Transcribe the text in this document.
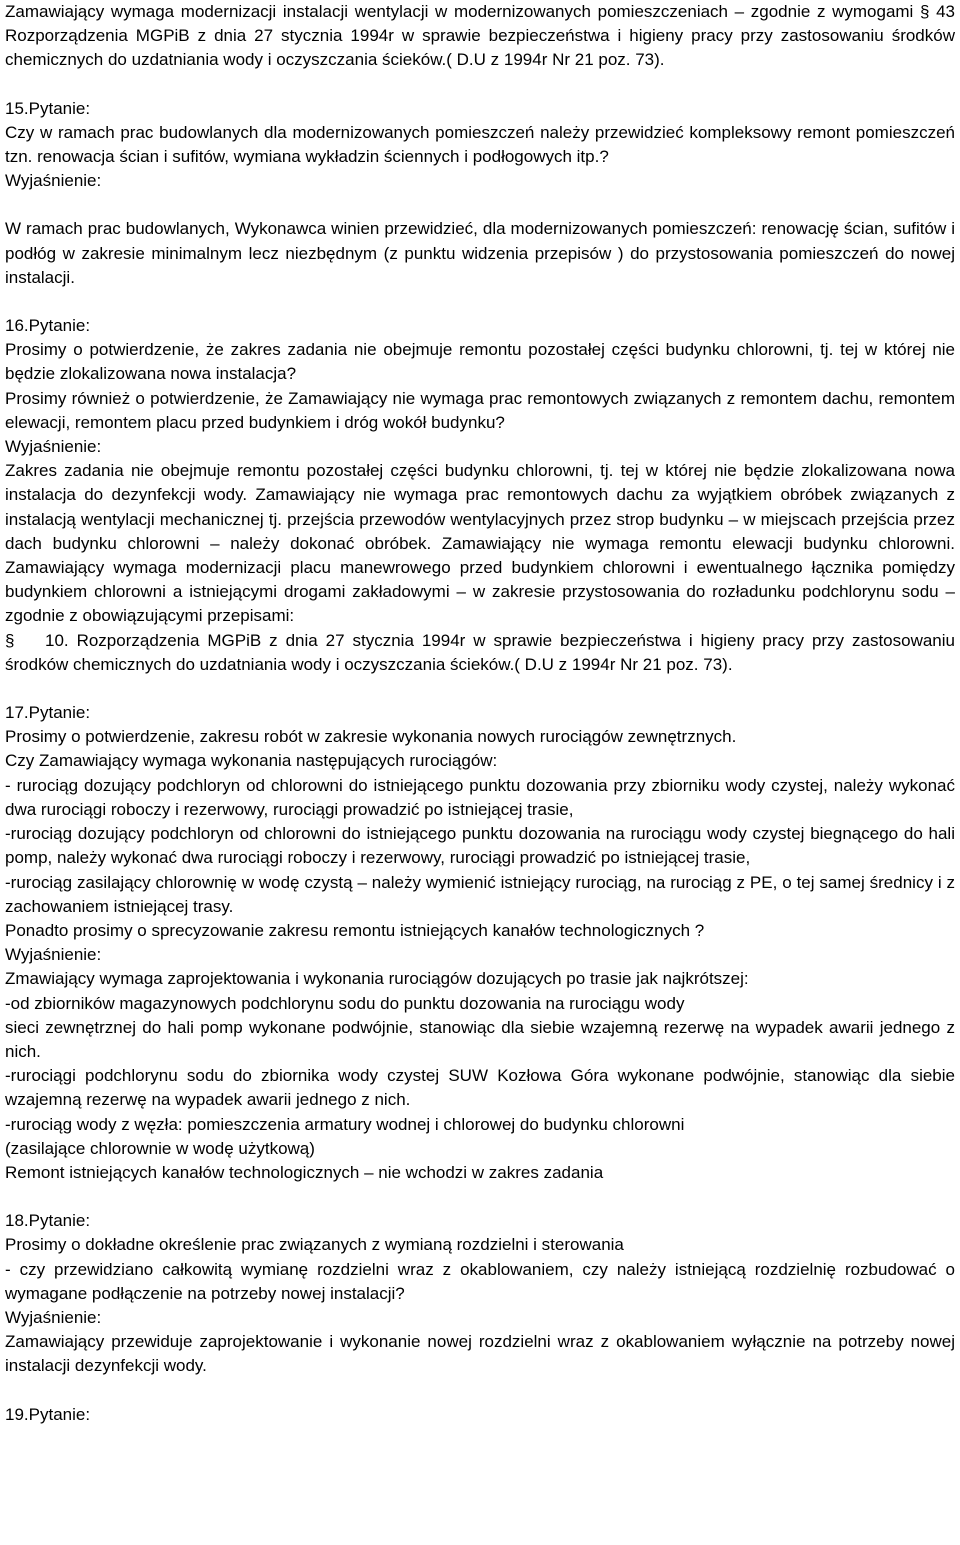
Zamawiający wymaga modernizacji instalacji wentylacji w modernizowanych pomieszczeniach – zgodnie z wymogami § 43 Rozporządzenia MGPiB z dnia 27 stycznia 1994r w sprawie bezpieczeństwa i higieny pracy przy zastosowaniu środków chemicznych do uzdatniania wody i oczyszczania ścieków.( D.U z 1994r Nr 21 poz. 73).

15.Pytanie:

Czy w ramach prac budowlanych dla modernizowanych pomieszczeń należy przewidzieć kompleksowy remont pomieszczeń tzn. renowacja ścian i sufitów, wymiana wykładzin ściennych i podłogowych itp.?

Wyjaśnienie:

W ramach prac budowlanych, Wykonawca winien przewidzieć, dla modernizowanych pomieszczeń: renowację ścian, sufitów i podłóg w zakresie minimalnym lecz niezbędnym (z punktu widzenia przepisów ) do przystosowania pomieszczeń do nowej instalacji.

16.Pytanie:

Prosimy o potwierdzenie, że zakres zadania nie obejmuje remontu pozostałej części budynku chlorowni, tj. tej w której nie będzie zlokalizowana nowa instalacja?

Prosimy również o potwierdzenie, że Zamawiający nie wymaga prac remontowych związanych z remontem dachu, remontem elewacji, remontem placu przed budynkiem i dróg wokół budynku?

Wyjaśnienie:

Zakres zadania nie obejmuje remontu pozostałej części budynku chlorowni, tj. tej w której nie będzie zlokalizowana nowa instalacja do dezynfekcji wody. Zamawiający nie wymaga prac remontowych dachu za wyjątkiem obróbek związanych z instalacją wentylacji mechanicznej tj. przejścia przewodów wentylacyjnych przez strop budynku – w miejscach przejścia przez dach budynku chlorowni – należy dokonać obróbek. Zamawiający nie wymaga remontu elewacji budynku chlorowni. Zamawiający wymaga modernizacji placu manewrowego przed budynkiem chlorowni i ewentualnego łącznika pomiędzy budynkiem chlorowni a istniejącymi drogami zakładowymi – w zakresie przystosowania do rozładunku podchlorynu sodu – zgodnie z obowiązującymi przepisami:

§ 10. Rozporządzenia MGPiB z dnia 27 stycznia 1994r w sprawie bezpieczeństwa i higieny pracy przy zastosowaniu środków chemicznych do uzdatniania wody i oczyszczania ścieków.( D.U z 1994r Nr 21 poz. 73).

17.Pytanie:

Prosimy o potwierdzenie, zakresu robót w zakresie wykonania nowych rurociągów zewnętrznych.

Czy Zamawiający wymaga wykonania następujących rurociągów:

- rurociąg dozujący podchloryn od chlorowni do istniejącego punktu dozowania przy zbiorniku wody czystej, należy wykonać dwa rurociągi roboczy i rezerwowy, rurociągi prowadzić po istniejącej trasie,

-rurociąg dozujący podchloryn od chlorowni do istniejącego punktu dozowania na rurociągu wody czystej biegnącego do hali pomp, należy wykonać dwa rurociągi roboczy i rezerwowy, rurociągi prowadzić po istniejącej trasie,

-rurociąg zasilający chlorownię w wodę czystą – należy wymienić istniejący rurociąg, na rurociąg z PE, o tej samej średnicy i z zachowaniem istniejącej trasy.

Ponadto prosimy o sprecyzowanie zakresu remontu istniejących kanałów technologicznych ?

Wyjaśnienie:

Zmawiający wymaga zaprojektowania i wykonania rurociągów dozujących po trasie jak najkrótszej:

-od zbiorników magazynowych podchlorynu sodu do punktu dozowania na rurociągu wody

sieci zewnętrznej do hali pomp wykonane podwójnie, stanowiąc dla siebie wzajemną rezerwę na wypadek awarii jednego z nich.

-rurociągi podchlorynu sodu do zbiornika wody czystej SUW Kozłowa Góra wykonane podwójnie, stanowiąc dla siebie wzajemną rezerwę na wypadek awarii jednego z nich.

-rurociąg wody z węzła: pomieszczenia armatury wodnej i chlorowej do budynku chlorowni

(zasilające chlorownie w wodę użytkową)

Remont istniejących kanałów technologicznych – nie wchodzi w zakres zadania

18.Pytanie:

Prosimy o dokładne określenie prac związanych z wymianą rozdzielni i sterowania

- czy przewidziano całkowitą wymianę rozdzielni wraz z okablowaniem, czy należy istniejącą rozdzielnię rozbudować o wymagane podłączenie na potrzeby nowej instalacji?

Wyjaśnienie:

Zamawiający przewiduje zaprojektowanie i wykonanie nowej rozdzielni wraz z okablowaniem wyłącznie na potrzeby nowej instalacji dezynfekcji wody.

19.Pytanie:
